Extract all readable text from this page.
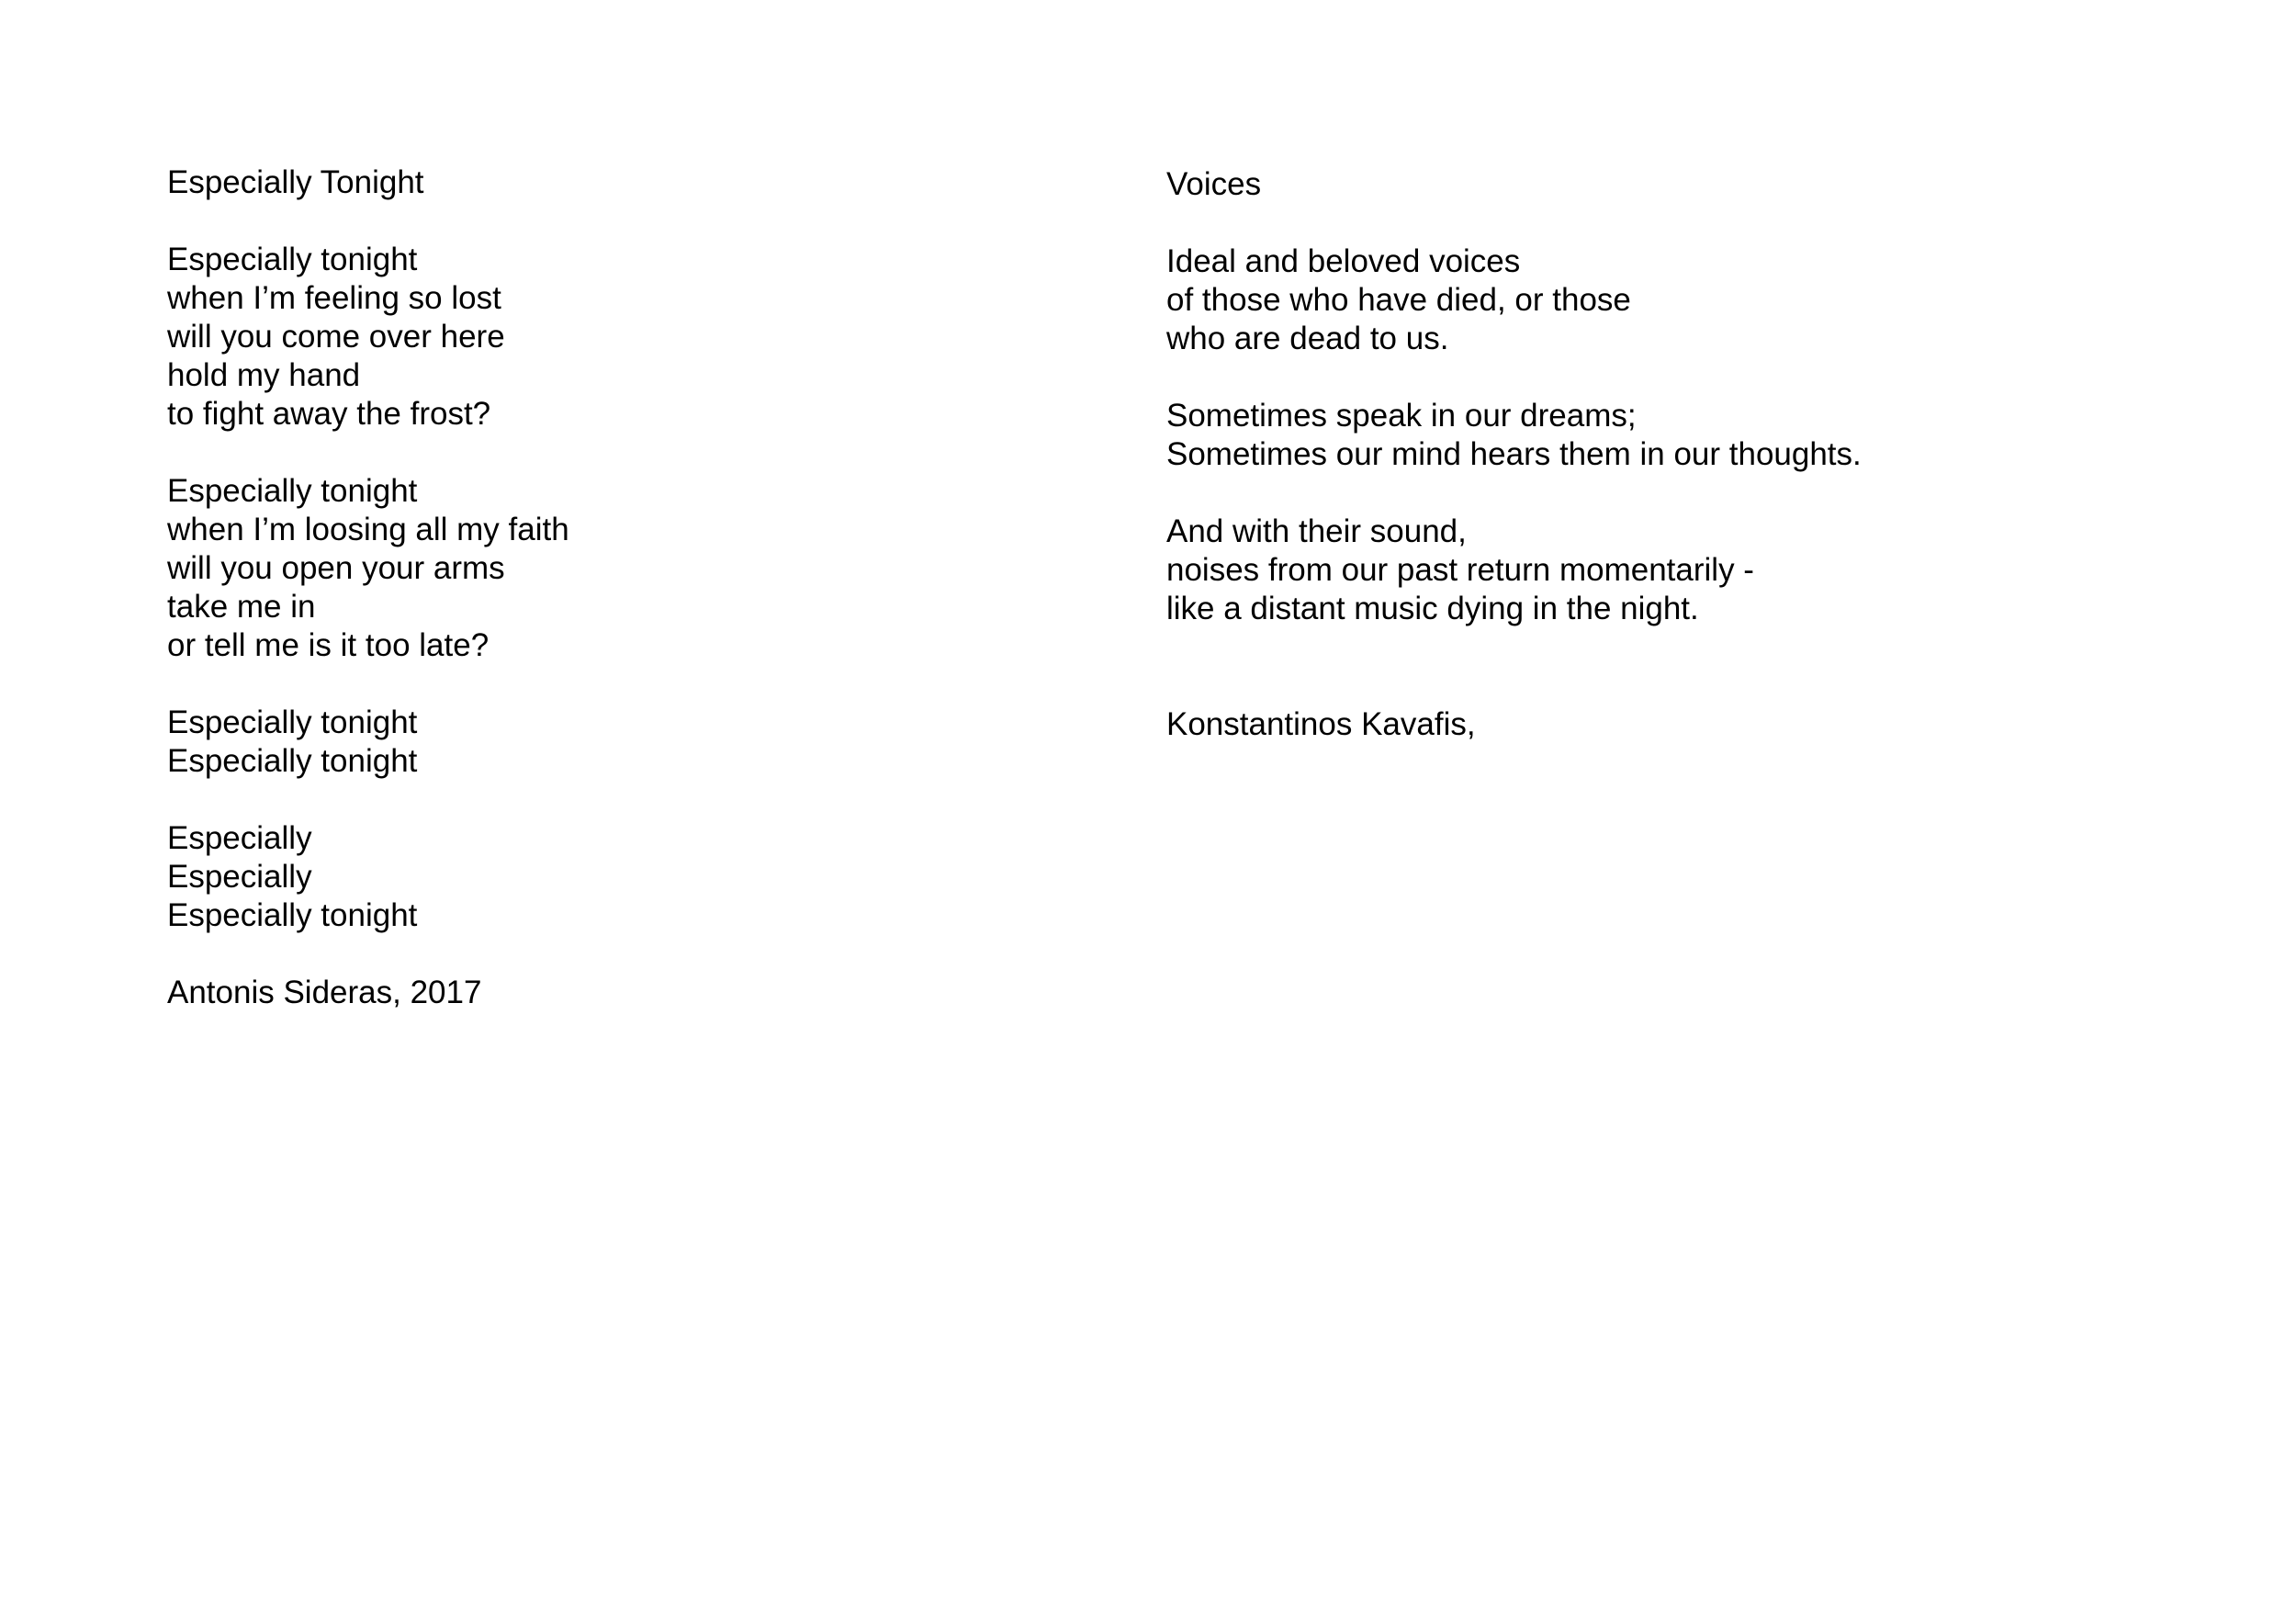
Especially Tonight
Especially tonight
when I’m feeling so lost
will you come over here
hold my hand
to fight away the frost?
Especially tonight
when I’m loosing all my faith
will you open your arms
take me in
or tell me is it too late?
Especially tonight
Especially tonight
Especially
Especially
Especially tonight
Antonis Sideras, 2017
Voices
Ideal and beloved voices
of those who have died, or those
who are dead to us.
Sometimes speak in our dreams;
Sometimes our mind hears them in our thoughts.
And with their sound,
noises from our past return momentarily -
like a distant music dying in the night.
Konstantinos Kavafis,
